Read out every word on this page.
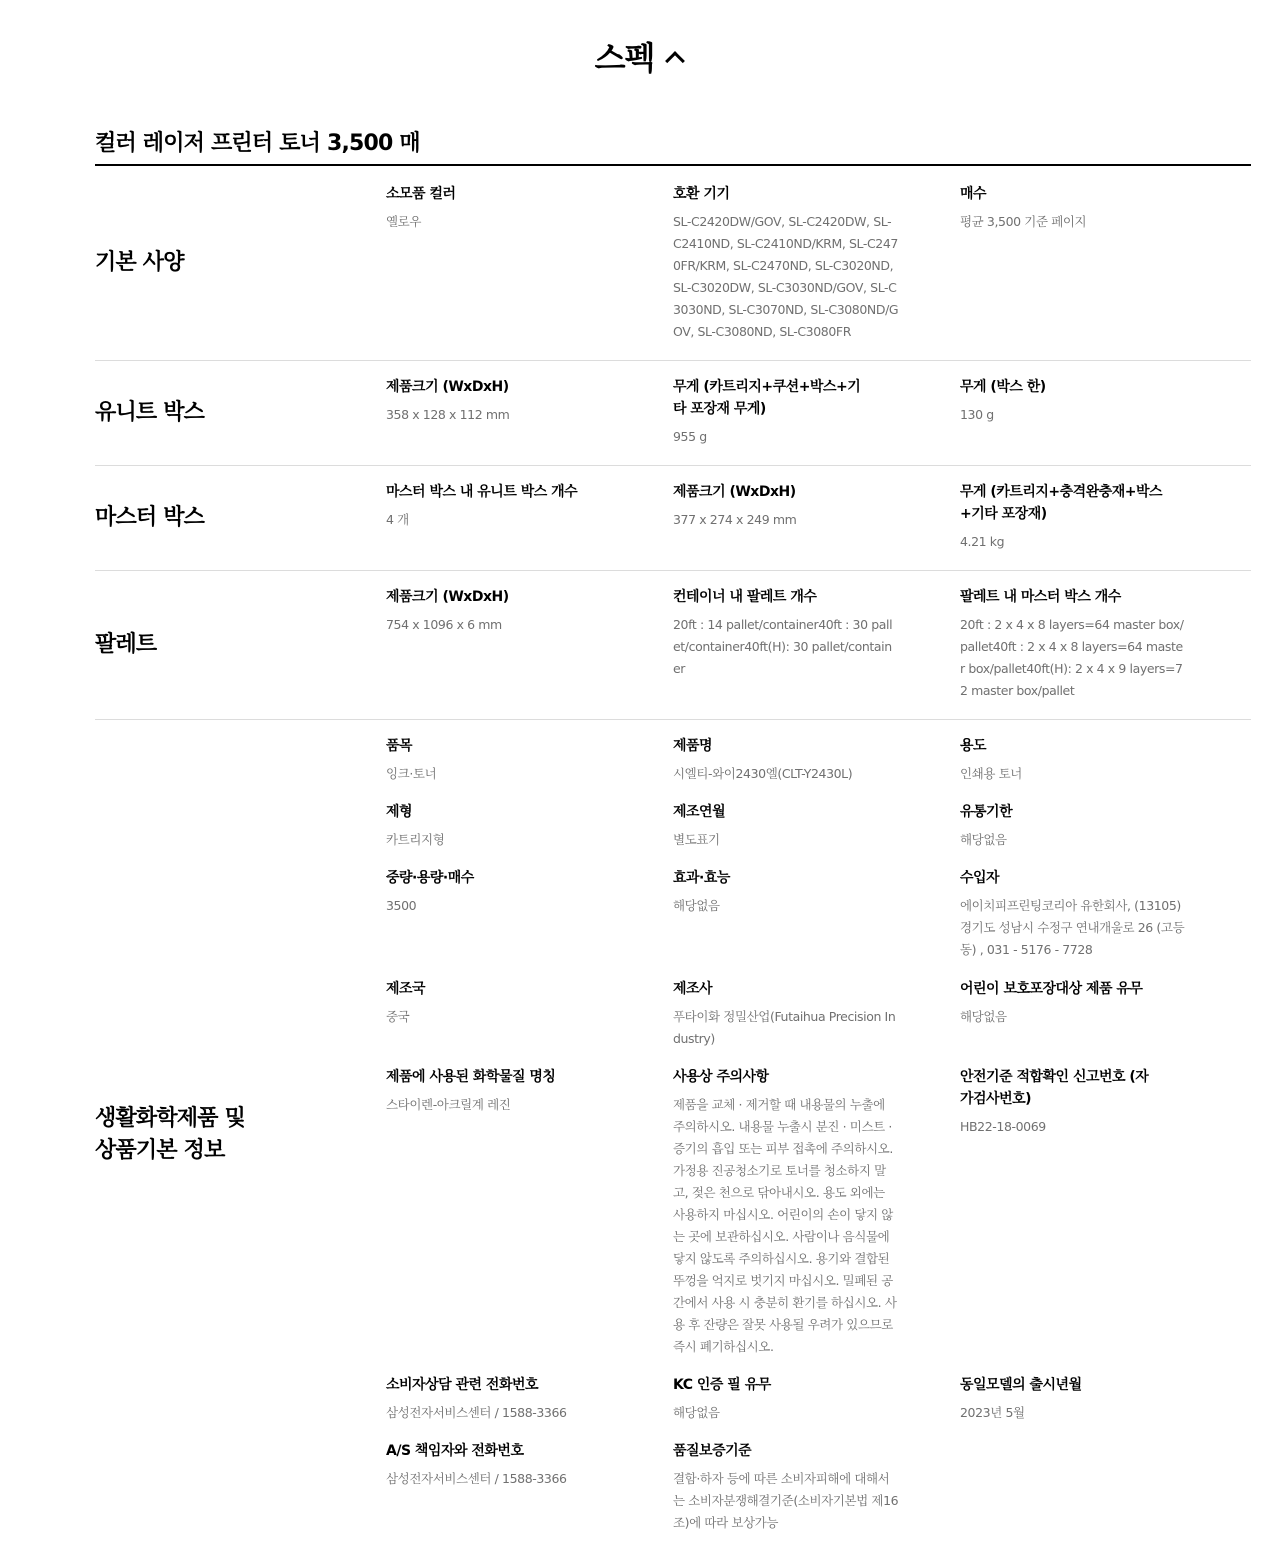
스펙
컬러 레이저 프린터 토너 3,500 매
기본 사양
소모품 컬러
옐로우
호환 기기
SL-C2420DW/GOV, SL-C2420DW, SL-C2410ND, SL-C2410ND/KRM, SL-C2470FR/KRM, SL-C2470ND, SL-C3020ND, SL-C3020DW, SL-C3030ND/GOV, SL-C3030ND, SL-C3070ND, SL-C3080ND/GOV, SL-C3080ND, SL-C3080FR
매수
평균 3,500 기준 페이지
유니트 박스
제품크기 (WxDxH)
358 x 128 x 112 mm
무게 (카트리지+쿠션+박스+기타 포장재 무게)
955 g
무게 (박스 한)
130 g
마스터 박스
마스터 박스 내 유니트 박스 개수
4 개
제품크기 (WxDxH)
377 x 274 x 249 mm
무게 (카트리지+충격완충재+박스+기타 포장재)
4.21 kg
팔레트
제품크기 (WxDxH)
754 x 1096 x 6 mm
컨테이너 내 팔레트 개수
20ft : 14 pallet/container40ft : 30 pallet/container40ft(H): 30 pallet/container
팔레트 내 마스터 박스 개수
20ft : 2 x 4 x 8 layers=64 master box/pallet40ft : 2 x 4 x 8 layers=64 master box/pallet40ft(H): 2 x 4 x 9 layers=72 master box/pallet
생활화학제품 및 상품기본 정보
품목
잉크·토너
제품명
시엘티-와이2430엘(CLT-Y2430L)
용도
인쇄용 토너
제형
카트리지형
제조연월
별도표기
유통기한
해당없음
중량·용량·매수
3500
효과·효능
해당없음
수입자
에이치피프린팅코리아 유한회사, (13105) 경기도 성남시 수정구 연내개울로 26 (고등동) , 031 - 5176 - 7728
제조국
중국
제조사
푸타이화 정밀산업(Futaihua Precision Industry)
어린이 보호포장대상 제품 유무
해당없음
제품에 사용된 화학물질 명칭
스타이렌-아크릴계 레진
사용상 주의사항
제품을 교체 · 제거할 때 내용물의 누출에 주의하시오. 내용물 누출시 분진 · 미스트 · 증기의 흡입 또는 피부 접촉에 주의하시오. 가정용 진공청소기로 토너를 청소하지 말고, 젖은 천으로 닦아내시오. 용도 외에는 사용하지 마십시오. 어린이의 손이 닿지 않는 곳에 보관하십시오. 사람이나 음식물에 닿지 않도록 주의하십시오. 용기와 결합된 뚜껑을 억지로 벗기지 마십시오. 밀폐된 공간에서 사용 시 충분히 환기를 하십시오. 사용 후 잔량은 잘못 사용될 우려가 있으므로 즉시 폐기하십시오.
안전기준 적합확인 신고번호 (자가검사번호)
HB22-18-0069
소비자상담 관련 전화번호
삼성전자서비스센터 / 1588-3366
KC 인증 필 유무
해당없음
동일모델의 출시년월
2023년 5월
A/S 책임자와 전화번호
삼성전자서비스센터 / 1588-3366
품질보증기준
결함·하자 등에 따른 소비자피해에 대해서는 소비자분쟁해결기준(소비자기본법 제16조)에 따라 보상가능
